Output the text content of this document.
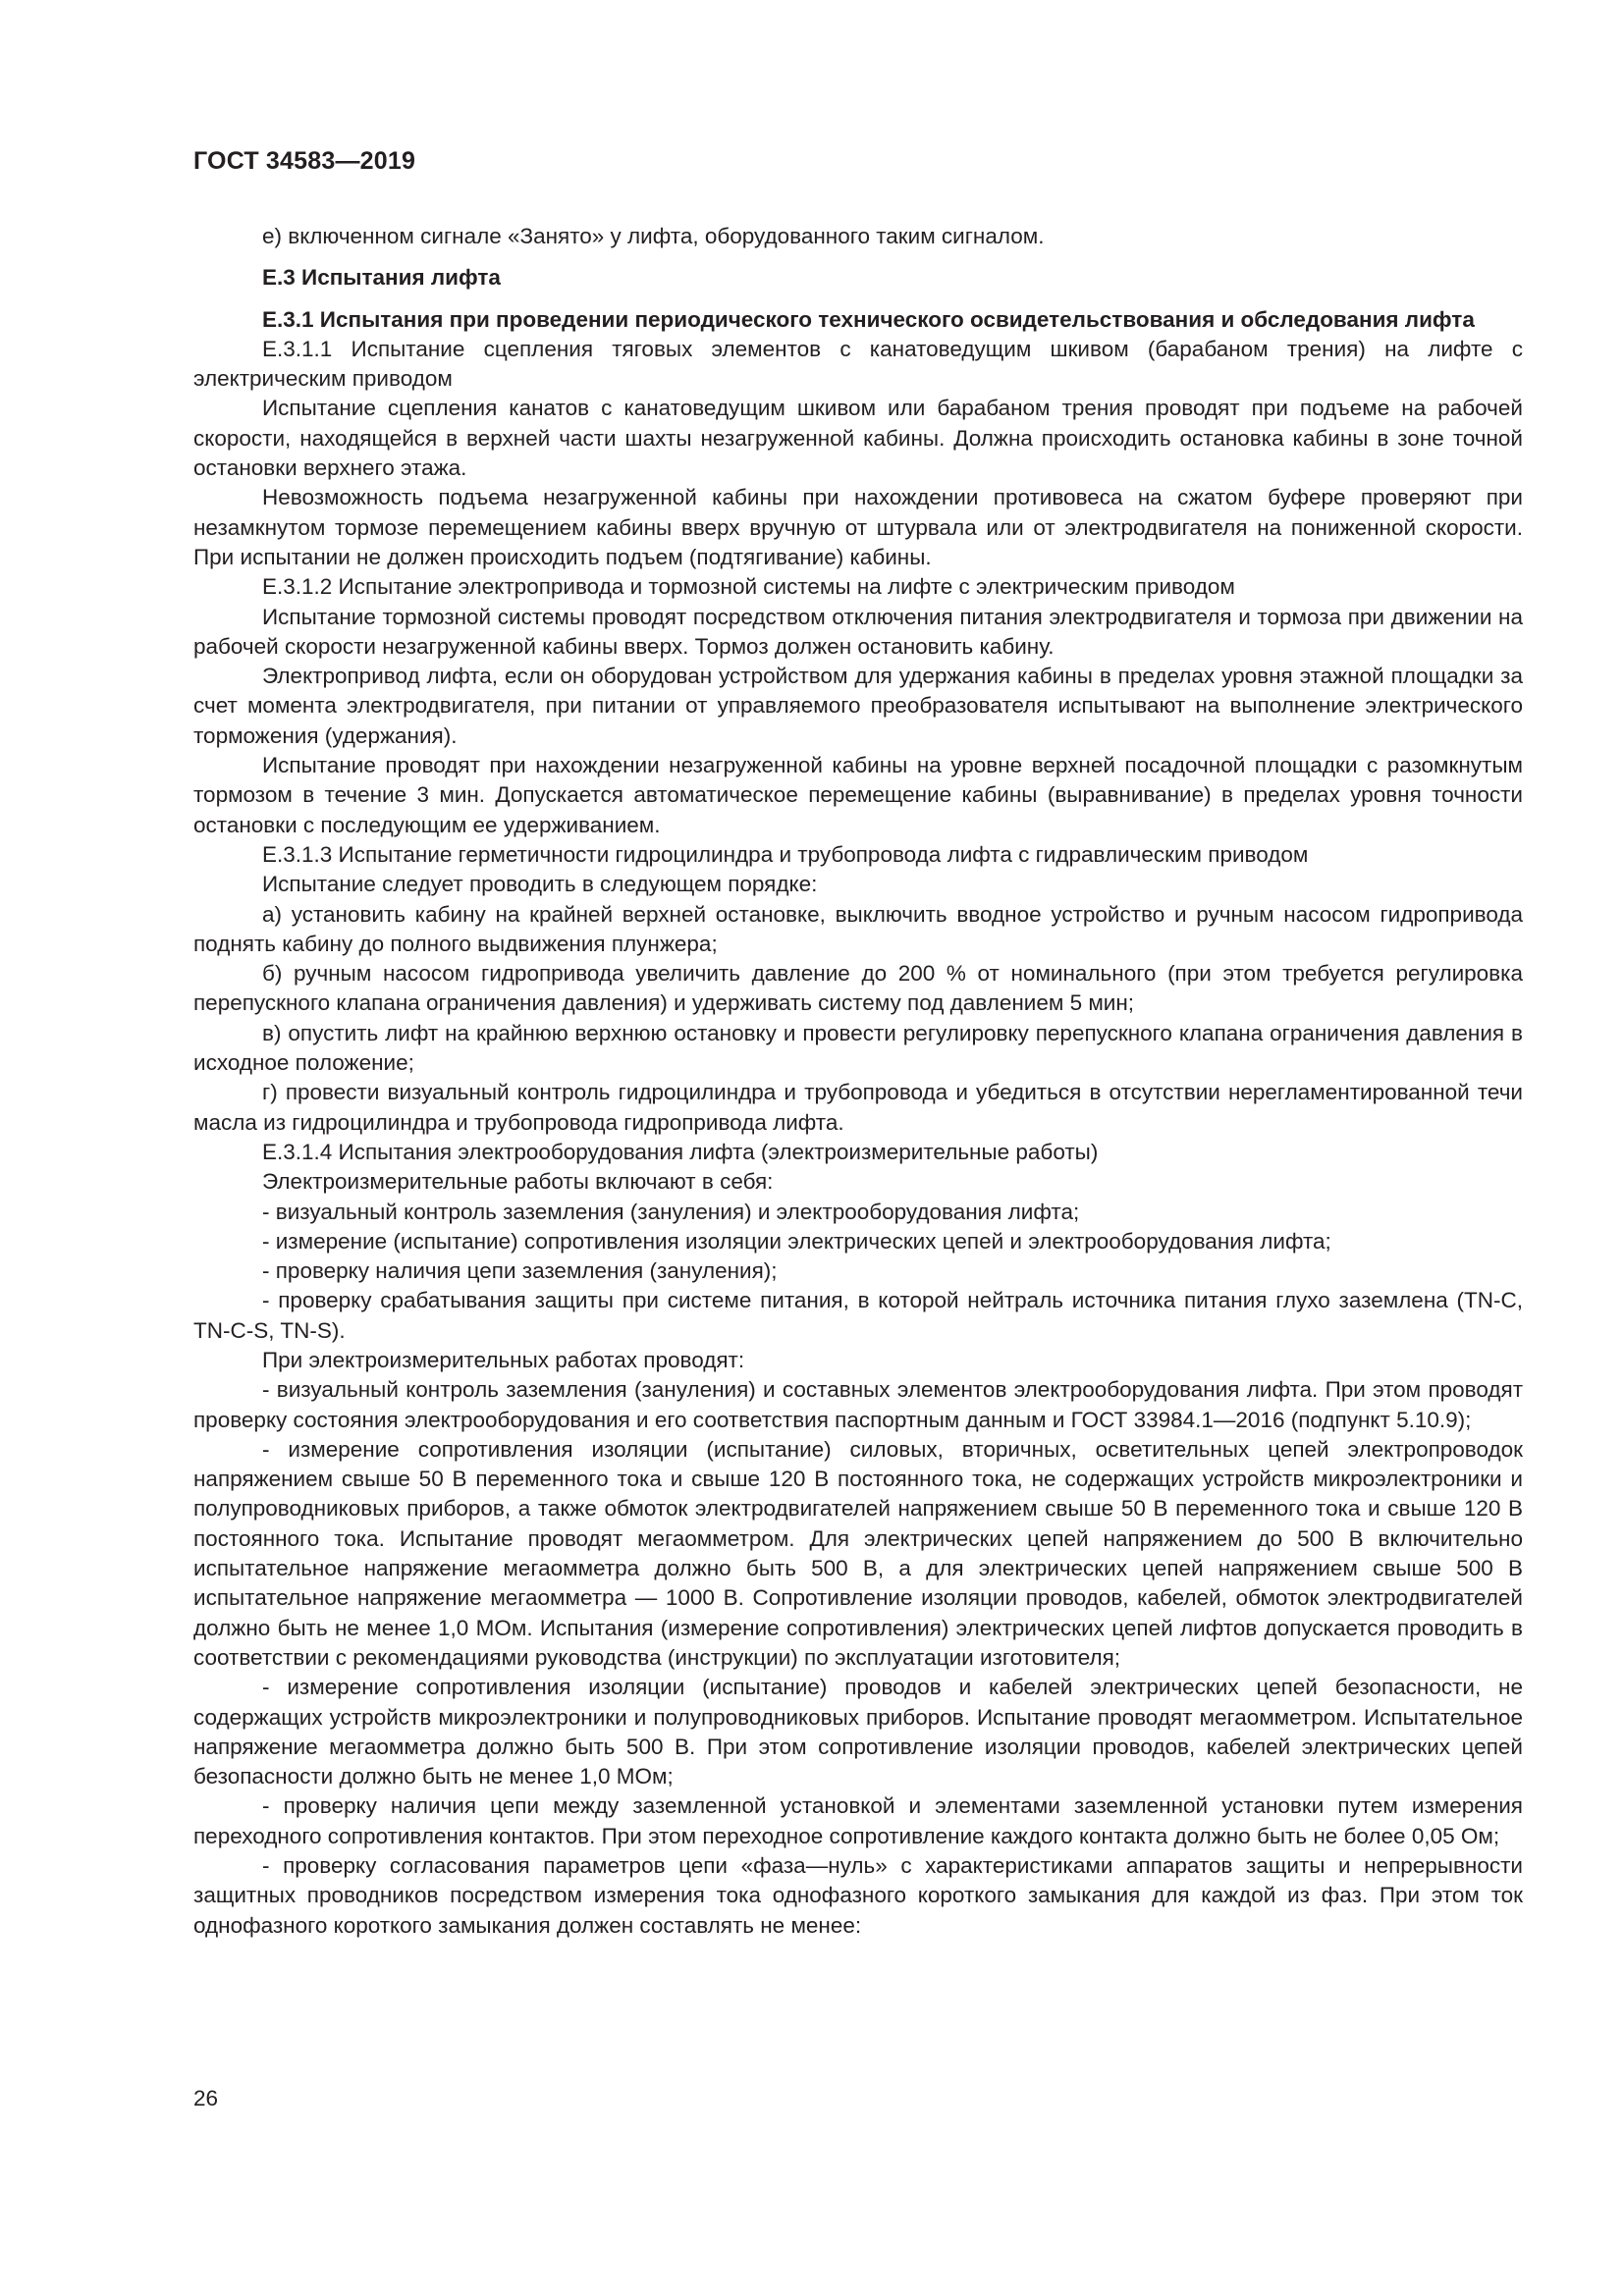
ГОСТ 34583—2019

е) включенном сигнале «Занято» у лифта, оборудованного таким сигналом.

Е.3 Испытания лифта

Е.3.1 Испытания при проведении периодического технического освидетельствования и обследования лифта

Е.3.1.1 Испытание сцепления тяговых элементов с канатоведущим шкивом (барабаном трения) на лифте с электрическим приводом

Испытание сцепления канатов с канатоведущим шкивом или барабаном трения проводят при подъеме на рабочей скорости, находящейся в верхней части шахты незагруженной кабины. Должна происходить остановка кабины в зоне точной остановки верхнего этажа.

Невозможность подъема незагруженной кабины при нахождении противовеса на сжатом буфере проверяют при незамкнутом тормозе перемещением кабины вверх вручную от штурвала или от электродвигателя на пониженной скорости. При испытании не должен происходить подъем (подтягивание) кабины.

Е.3.1.2 Испытание электропривода и тормозной системы на лифте с электрическим приводом

Испытание тормозной системы проводят посредством отключения питания электродвигателя и тормоза при движении на рабочей скорости незагруженной кабины вверх. Тормоз должен остановить кабину.

Электропривод лифта, если он оборудован устройством для удержания кабины в пределах уровня этажной площадки за счет момента электродвигателя, при питании от управляемого преобразователя испытывают на выполнение электрического торможения (удержания).

Испытание проводят при нахождении незагруженной кабины на уровне верхней посадочной площадки с разомкнутым тормозом в течение 3 мин. Допускается автоматическое перемещение кабины (выравнивание) в пределах уровня точности остановки с последующим ее удерживанием.

Е.3.1.3 Испытание герметичности гидроцилиндра и трубопровода лифта с гидравлическим приводом

Испытание следует проводить в следующем порядке:

а) установить кабину на крайней верхней остановке, выключить вводное устройство и ручным насосом гидропривода поднять кабину до полного выдвижения плунжера;

б) ручным насосом гидропривода увеличить давление до 200 % от номинального (при этом требуется регулировка перепускного клапана ограничения давления) и удерживать систему под давлением 5 мин;

в) опустить лифт на крайнюю верхнюю остановку и провести регулировку перепускного клапана ограничения давления в исходное положение;

г) провести визуальный контроль гидроцилиндра и трубопровода и убедиться в отсутствии нерегламентированной течи масла из гидроцилиндра и трубопровода гидропривода лифта.

Е.3.1.4 Испытания электрооборудования лифта (электроизмерительные работы)

Электроизмерительные работы включают в себя:

- визуальный контроль заземления (зануления) и электрооборудования лифта;

- измерение (испытание) сопротивления изоляции электрических цепей и электрооборудования лифта;

- проверку наличия цепи заземления (зануления);

- проверку срабатывания защиты при системе питания, в которой нейтраль источника питания глухо заземлена (TN-C, TN-C-S, TN-S).

При электроизмерительных работах проводят:

- визуальный контроль заземления (зануления) и составных элементов электрооборудования лифта. При этом проводят проверку состояния электрооборудования и его соответствия паспортным данным и ГОСТ 33984.1—2016 (подпункт 5.10.9);

- измерение сопротивления изоляции (испытание) силовых, вторичных, осветительных цепей электропроводок напряжением свыше 50 В переменного тока и свыше 120 В постоянного тока, не содержащих устройств микроэлектроники и полупроводниковых приборов, а также обмоток электродвигателей напряжением свыше 50 В переменного тока и свыше 120 В постоянного тока. Испытание проводят мегаомметром. Для электрических цепей напряжением до 500 В включительно испытательное напряжение мегаомметра должно быть 500 В, а для электрических цепей напряжением свыше 500 В испытательное напряжение мегаомметра — 1000 В. Сопротивление изоляции проводов, кабелей, обмоток электродвигателей должно быть не менее 1,0 МОм. Испытания (измерение сопротивления) электрических цепей лифтов допускается проводить в соответствии с рекомендациями руководства (инструкции) по эксплуатации изготовителя;

- измерение сопротивления изоляции (испытание) проводов и кабелей электрических цепей безопасности, не содержащих устройств микроэлектроники и полупроводниковых приборов. Испытание проводят мегаомметром. Испытательное напряжение мегаомметра должно быть 500 В. При этом сопротивление изоляции проводов, кабелей электрических цепей безопасности должно быть не менее 1,0 МОм;

- проверку наличия цепи между заземленной установкой и элементами заземленной установки путем измерения переходного сопротивления контактов. При этом переходное сопротивление каждого контакта должно быть не более 0,05 Ом;

- проверку согласования параметров цепи «фаза—нуль» с характеристиками аппаратов защиты и непрерывности защитных проводников посредством измерения тока однофазного короткого замыкания для каждой из фаз. При этом ток однофазного короткого замыкания должен составлять не менее:

26
